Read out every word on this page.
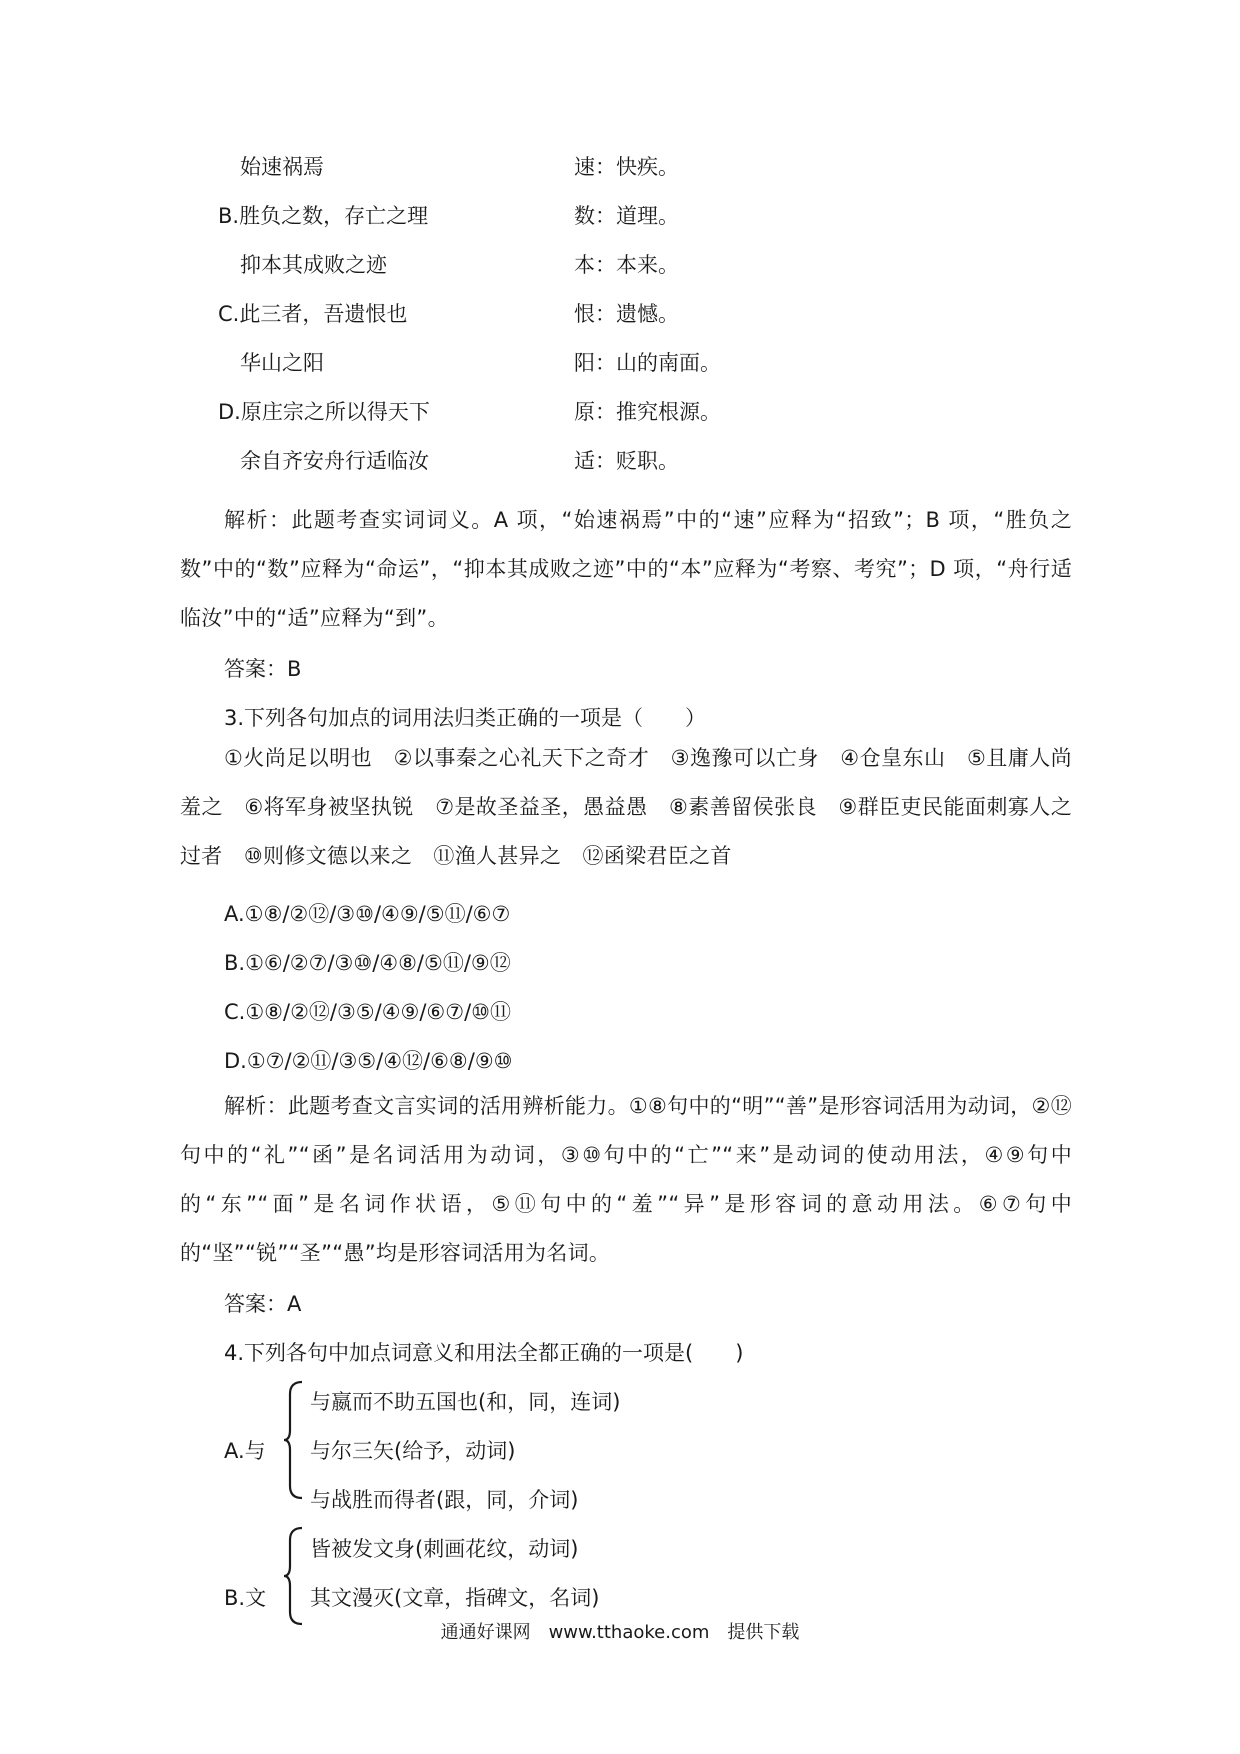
始速祸焉	速：快疾。
B.胜负之数，存亡之理	数：道理。
抑本其成败之迹	本：本来。
C.此三者，吾遗恨也	恨：遗憾。
华山之阳	阳：山的南面。
D.原庄宗之所以得天下	原：推究根源。
余自齐安舟行适临汝	适：贬职。
解析：此题考查实词词义。A 项，“始速祸焉”中的“速”应释为“招致”；B 项，“胜负之数”中的“数”应释为“命运”，“抑本其成败之迹”中的“本”应释为“考察、考究”；D 项，“舟行适临汝”中的“适”应释为“到”。
答案：B
3.下列各句加点的词用法归类正确的一项是（　　）
①火尚足以明也　②以事秦之心礼天下之奇才　③逸豫可以亡身　④仓皇东山　⑤且庸人尚羞之　⑥将军身被坚执锐　⑦是故圣益圣，愚益愚　⑧素善留侯张良　⑨群臣吏民能面刺寡人之过者　⑩则修文德以来之　⑪渔人甚异之　⑫函梁君臣之首
A.①⑧/②⑫/③⑩/④⑨/⑤⑪/⑥⑦
B.①⑥/②⑦/③⑩/④⑧/⑤⑪/⑨⑫
C.①⑧/②⑫/③⑤/④⑨/⑥⑦/⑩⑪
D.①⑦/②⑪/③⑤/④⑫/⑥⑧/⑨⑩
解析：此题考查文言实词的活用辨析能力。①⑧句中的“明”“善”是形容词活用为动词，②⑫句中的“礼”“函”是名词活用为动词，③⑩句中的“亡”“来”是动词的使动用法，④⑨句中的“东”“面”是名词作状语，⑤⑪句中的“羞”“异”是形容词的意动用法。⑥⑦句中的“坚”“锐”“圣”“愚”均是形容词活用为名词。
答案：A
4.下列各句中加点词意义和用法全都正确的一项是(　　)
A.与
与嬴而不助五国也(和，同，连词)
与尔三矢(给予，动词)
与战胜而得者(跟，同，介词)
B.文
皆被发文身(刺画花纹，动词)
其文漫灭(文章，指碑文，名词)
通通好课网　www.tthaoke.com　提供下载
